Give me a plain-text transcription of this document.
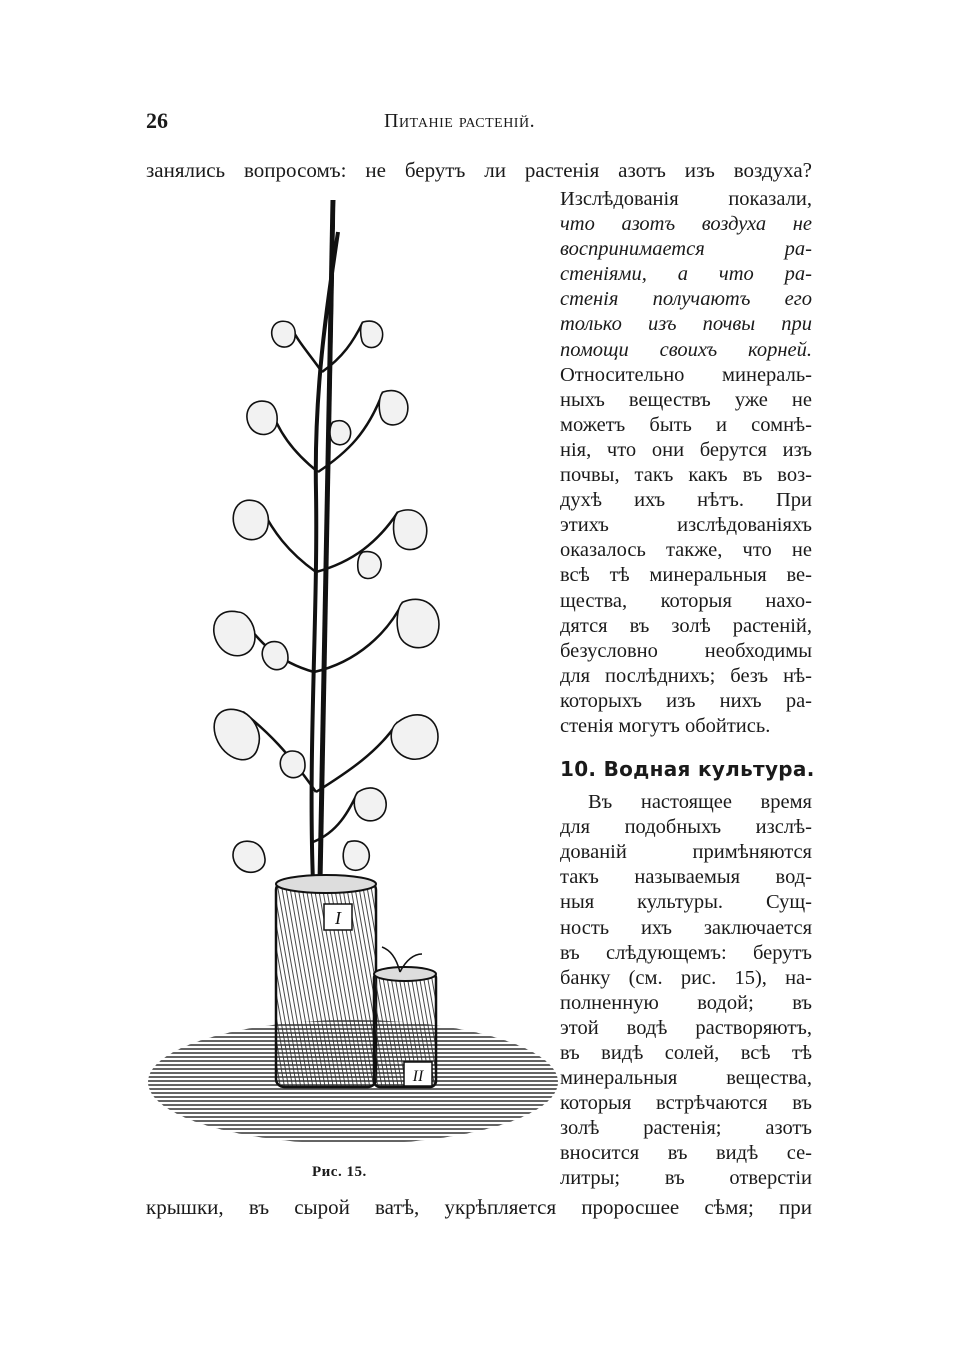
26	Питаніе растеній.
занялись вопросомъ: не берутъ ли растенія азотъ изъ воздуха?
Изслѣдованія показали,
что азотъ воздуха не
воспринимается ра-
стеніями, а что ра-
стенія получаютъ его
только изъ почвы при
помощи своихъ корней.
Относительно минераль-
ныхъ веществъ уже не
можетъ быть и сомнѣ-
нія, что они берутся изъ
почвы, такъ какъ въ воз-
духѣ ихъ нѣтъ. При
этихъ изслѣдованіяхъ
оказалось также, что не
всѣ тѣ минеральныя ве-
щества, которыя нахо-
дятся въ золѣ растеній,
безусловно необходимы
для послѣднихъ; безъ нѣ-
которыхъ изъ нихъ ра-
стенія могутъ обойтись.
10. Водная культура.
Въ настоящее время
для подобныхъ изслѣ-
дованій примѣняются
такъ называемыя вод-
ныя культуры. Сущ-
ность ихъ заключается
въ слѣдующемъ: берутъ
банку (см. рис. 15), на-
полненную водой; въ
этой водѣ растворяютъ,
въ видѣ солей, всѣ тѣ
минеральныя вещества,
которыя встрѣчаются въ
золѣ растенія; азотъ
вносится въ видѣ се-
литры; въ отверстіи
крышки, въ сырой ватѣ, укрѣпляется проросшее сѣмя; при
I
II
Рис. 15.
